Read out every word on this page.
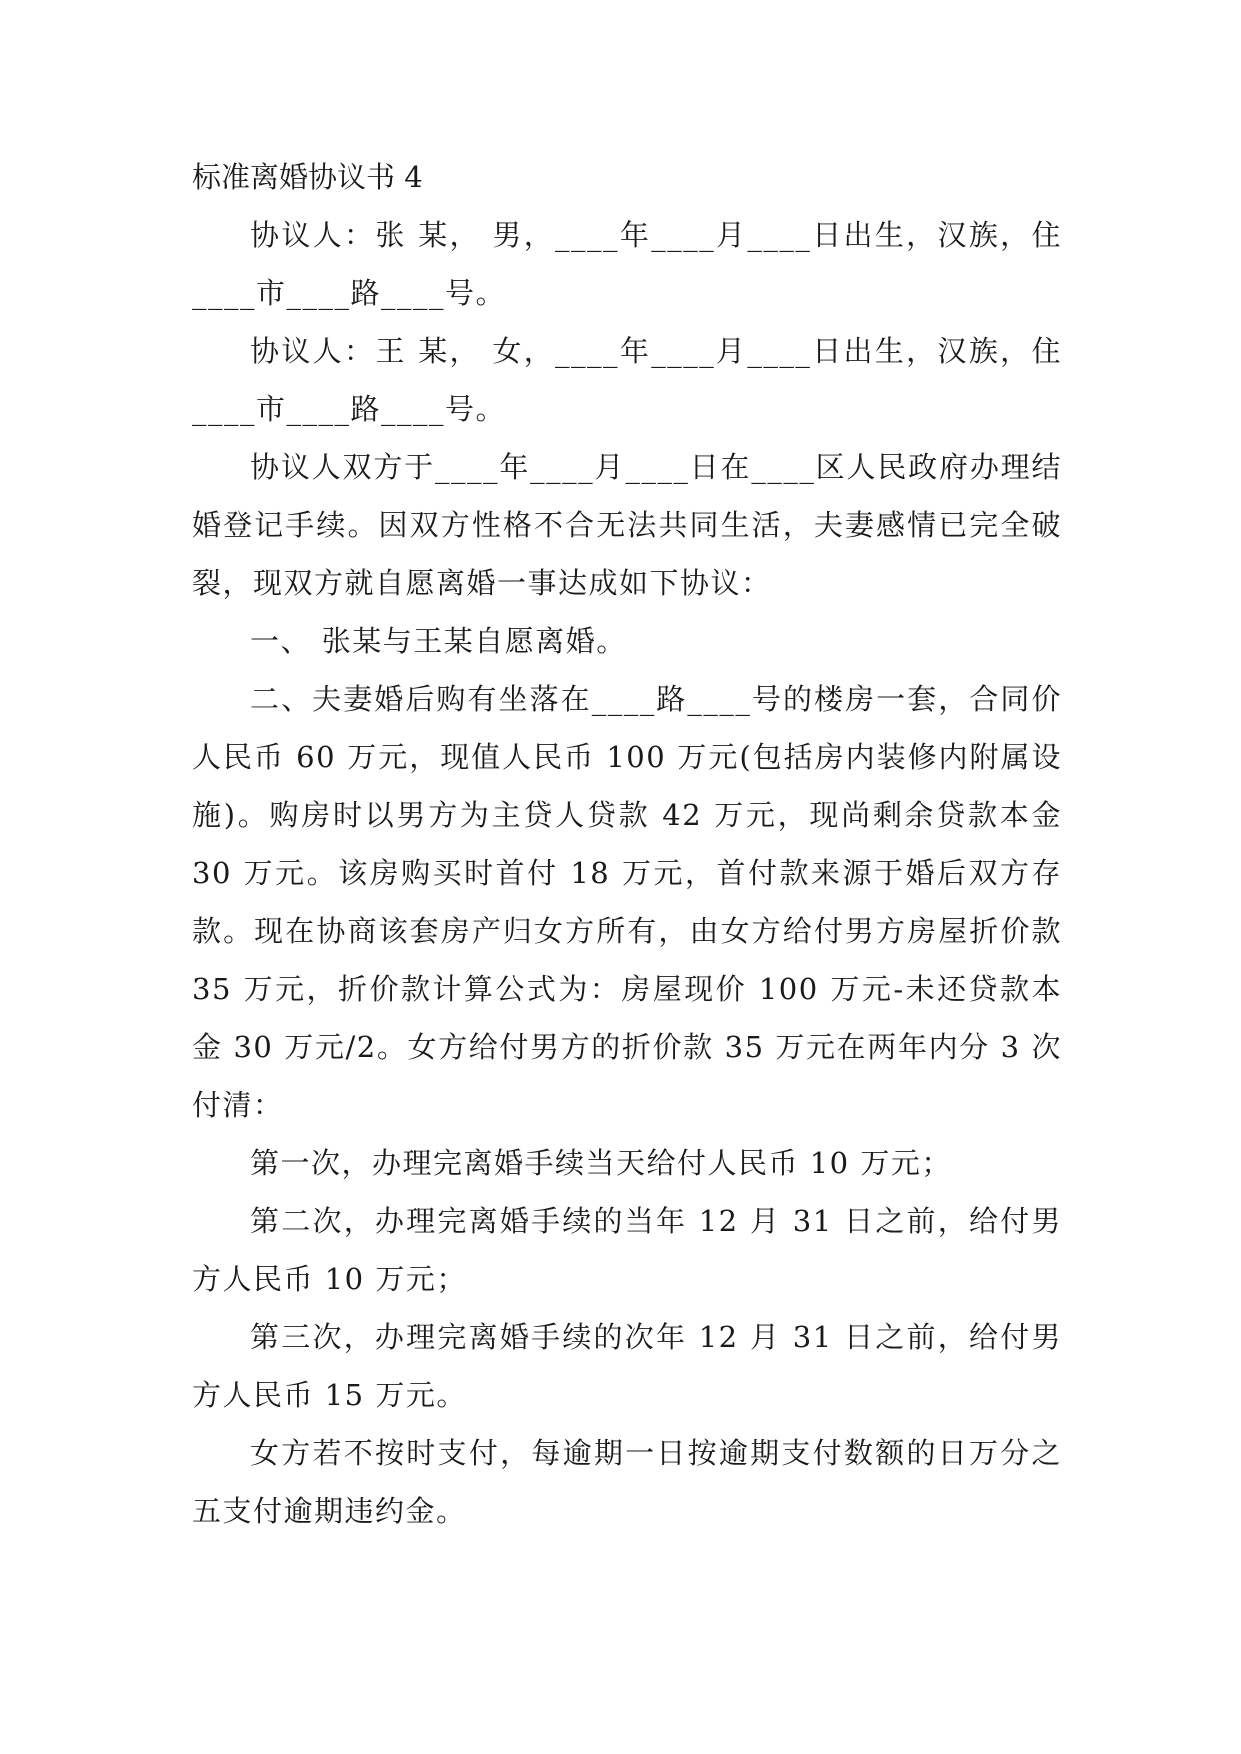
标准离婚协议书 4

协议人：张 某， 男，____年____月____日出生，汉族，住____市____路____号。

协议人：王 某， 女，____年____月____日出生，汉族，住____市____路____号。

协议人双方于____年____月____日在____区人民政府办理结婚登记手续。因双方性格不合无法共同生活，夫妻感情已完全破裂，现双方就自愿离婚一事达成如下协议：

一、 张某与王某自愿离婚。

二、夫妻婚后购有坐落在____路____号的楼房一套，合同价人民币 60 万元，现值人民币 100 万元(包括房内装修内附属设施)。购房时以男方为主贷人贷款 42 万元，现尚剩余贷款本金 30 万元。该房购买时首付 18 万元，首付款来源于婚后双方存款。现在协商该套房产归女方所有，由女方给付男方房屋折价款 35 万元，折价款计算公式为：房屋现价 100 万元-未还贷款本金 30 万元/2。女方给付男方的折价款 35 万元在两年内分 3 次付清：

第一次，办理完离婚手续当天给付人民币 10 万元；

第二次，办理完离婚手续的当年 12 月 31 日之前，给付男方人民币 10 万元；

第三次，办理完离婚手续的次年 12 月 31 日之前，给付男方人民币 15 万元。

女方若不按时支付，每逾期一日按逾期支付数额的日万分之五支付逾期违约金。
